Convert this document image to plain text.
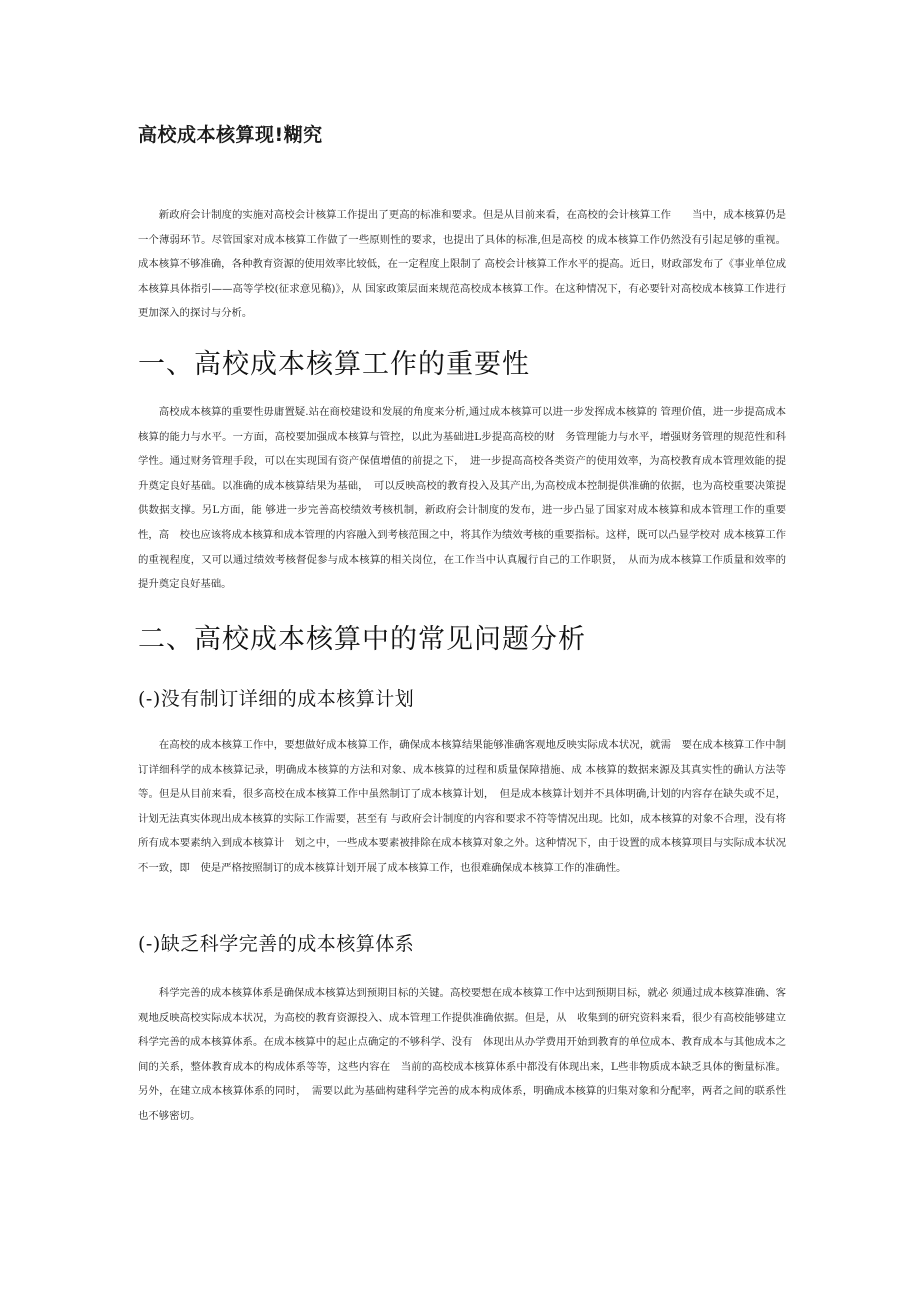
高校成本核算现!糊究

新政府会计制度的实施对高校会计核算工作提出了更高的标准和要求。但是从目前来看，在高校的会计核算工作　　当中，成本核算仍是一个薄弱环节。尽管国家对成本核算工作做了一些原则性的要求，也提出了具体的标准,但是高校 的成本核算工作仍然没有引起足够的重视。成本核算不够准确，各种教育资源的使用效率比较低，在一定程度上限制了 高校会计核算工作水平的提高。近日，财政部发布了《事业单位成本核算具体指引——高等学校(征求意见稿)》，从 国家政策层面来规范高校成本核算工作。在这种情况下，有必要针对高校成本核算工作进行更加深入的探讨与分析。

一、高校成本核算工作的重要性

高校成本核算的重要性毋庸置疑.站在商校建设和发展的角度来分析,通过成本核算可以进一步发挥成本核算的 管理价值，进一步提高成本核算的能力与水平。一方面，高校要加强成本核算与管控，以此为基础进L步提高高校的财　务管理能力与水平，增强财务管理的规范性和科学性。通过财务管理手段，可以在实现国有资产保值增值的前提之下，　进一步提高高校各类资产的使用效率，为高校教育成本管理效能的提升奠定良好基础。以准确的成本核算结果为基础，　可以反映高校的教育投入及其产出,为高校成本控制提供准确的依据，也为高校重要决策提供数据支撑。另L方面，能 够进一步完善高校绩效考核机制，新政府会计制度的发布，进一步凸显了国家对成本核算和成本管理工作的重要性，高　校也应该将成本核算和成本管理的内容融入到考核范围之中，将其作为绩效考核的重要指标。这样，既可以凸显学校对 成本核算工作的重视程度，又可以通过绩效考核督促参与成本核算的相关岗位，在工作当中认真履行自己的工作职贤，　从而为成本核算工作质量和效率的提升奠定良好基础。

二、高校成本核算中的常见问题分析
(-)没有制订详细的成本核算计划

在高校的成本核算工作中，要想做好成本核算工作，确保成本核算结果能够准确客观地反映实际成本状况，就需　要在成本核算工作中制订详细科学的成本核算记录，明确成本核算的方法和对象、成本核算的过程和质量保障措施、成 本核算的数据来源及其真实性的确认方法等等。但是从目前来看，很多高校在成本核算工作中虽然制订了成本核算计划，　但是成本核算计划并不具体明确,计划的内容存在缺失或不足，计划无法真实体现出成本核算的实际工作需要，甚至有 与政府会计制度的内容和要求不符等情况出现。比如，成本核算的对象不合理，没有将所有成本要素纳入到成本核算计　划之中，一些成本要素被排除在成本核算对象之外。这种情况下，由于设置的成本核算项目与实际成本状况不一致，即　使是严格按照制订的成本核算计划开展了成本核算工作，也很难确保成本核算工作的准确性。

(-)缺乏科学完善的成本核算体系

科学完善的成本核算体系是确保成本核算达到预期目标的关键。高校要想在成本核算工作中达到预期目标，就必 须通过成本核算准确、客观地反映高校实际成本状况，为高校的教育资源投入、成本管理工作提供准确依据。但是，从　收集到的研究资料来看，很少有高校能够建立科学完善的成本核算体系。在成本核算中的起止点确定的不够科学、没有　体现出从办学费用开始到教育的单位成本、教育成本与其他成本之间的关系，整体教育成本的构成体系等等，这些内容在　当前的高校成本核算体系中都没有体现出来，L些非物质成本缺乏具体的衡量标准。另外，在建立成本核算体系的同时，　需要以此为基础构建科学完善的成本构成体系，明确成本核算的归集对象和分配率，两者之间的联系性也不够密切。
